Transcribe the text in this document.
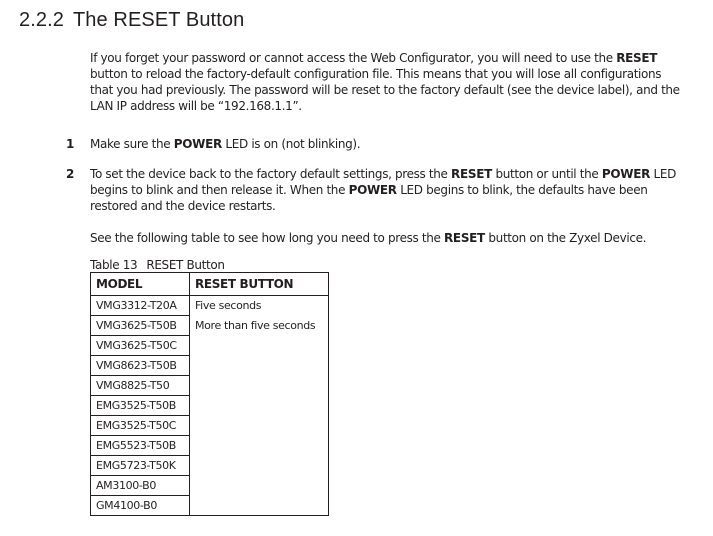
2.2.2 The RESET Button

If you forget your password or cannot access the Web Configurator, you will need to use the RESET
button to reload the factory-default configuration file. This means that you will lose all configurations
that you had previously. The password will be reset to the factory default (see the device label), and the
LAN IP address will be “192.168.1.1”.

1 Make sure the POWER LED is on (not blinking).

2 To set the device back to the factory default settings, press the RESET button or until the POWER LED
begins to blink and then release it. When the POWER LED begins to blink, the defaults have been
restored and the device restarts.

See the following table to see how long you need to press the RESET button on the Zyxel Device.

Table 13 RESET Button
MODEL	RESET BUTTON
VMG3312-T20A	Five seconds
VMG3625-T50B	More than five seconds
VMG3625-T50C	
VMG8623-T50B	
VMG8825-T50	
EMG3525-T50B	
EMG3525-T50C	
EMG5523-T50B	
EMG5723-T50K	
AM3100-B0	
GM4100-B0	
